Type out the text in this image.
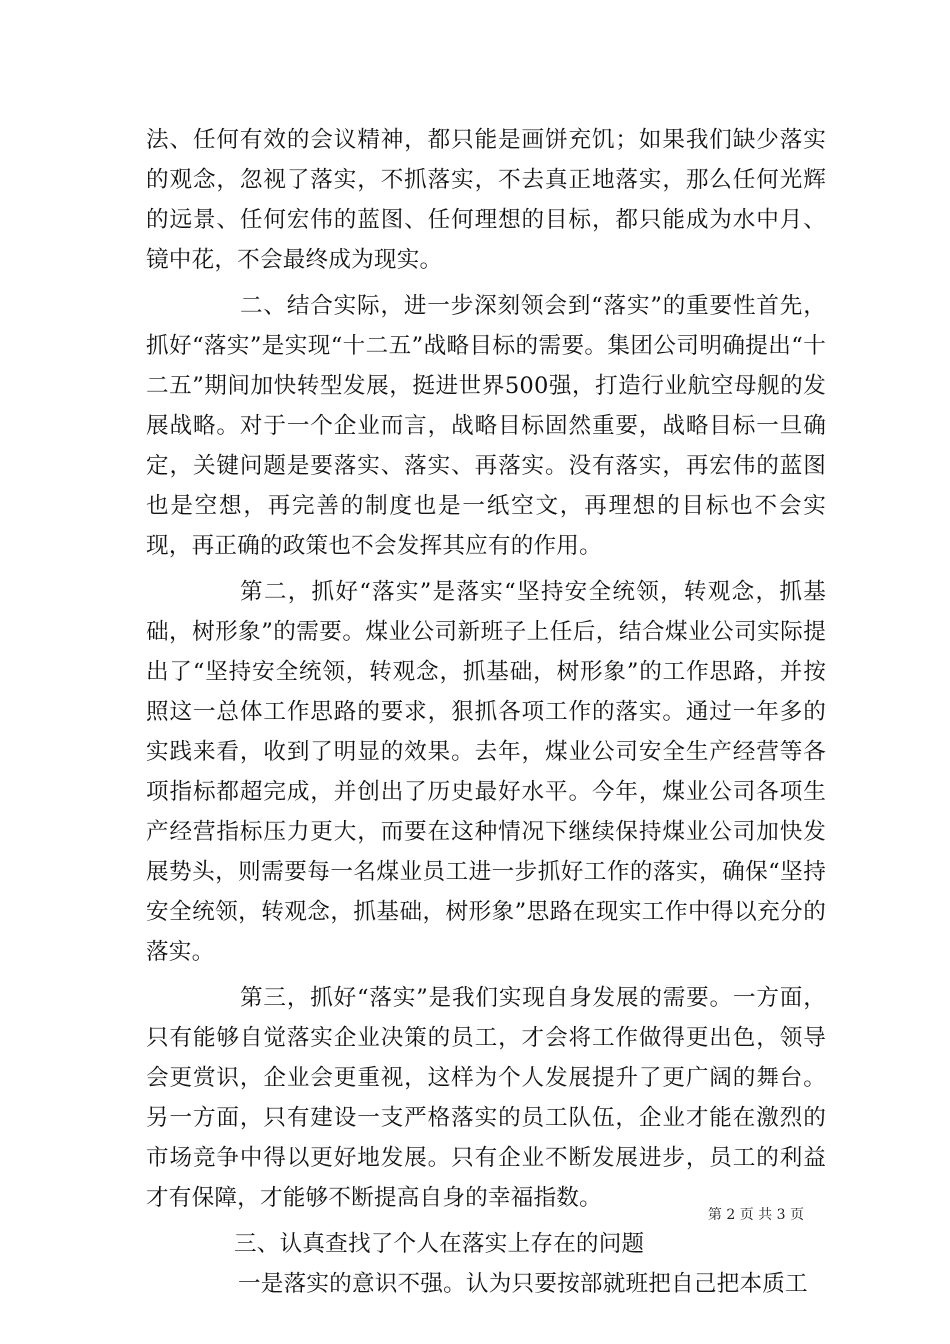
法、任何有效的会议精神，都只能是画饼充饥；如果我们缺少落实的观念，忽视了落实，不抓落实，不去真正地落实，那么任何光辉的远景、任何宏伟的蓝图、任何理想的目标，都只能成为水中月、镜中花，不会最终成为现实。

二、结合实际，进一步深刻领会到“落实”的重要性首先，抓好“落实”是实现“十二五”战略目标的需要。集团公司明确提出“十二五”期间加快转型发展，挺进世界500强，打造行业航空母舰的发展战略。对于一个企业而言，战略目标固然重要，战略目标一旦确定，关键问题是要落实、落实、再落实。没有落实，再宏伟的蓝图也是空想，再完善的制度也是一纸空文，再理想的目标也不会实现，再正确的政策也不会发挥其应有的作用。

第二，抓好“落实”是落实“坚持安全统领，转观念，抓基础，树形象”的需要。煤业公司新班子上任后，结合煤业公司实际提出了“坚持安全统领，转观念，抓基础，树形象”的工作思路，并按照这一总体工作思路的要求，狠抓各项工作的落实。通过一年多的实践来看，收到了明显的效果。去年，煤业公司安全生产经营等各项指标都超完成，并创出了历史最好水平。今年，煤业公司各项生产经营指标压力更大，而要在这种情况下继续保持煤业公司加快发展势头，则需要每一名煤业员工进一步抓好工作的落实，确保“坚持安全统领，转观念，抓基础，树形象”思路在现实工作中得以充分的落实。

第三，抓好“落实”是我们实现自身发展的需要。一方面，只有能够自觉落实企业决策的员工，才会将工作做得更出色，领导会更赏识，企业会更重视，这样为个人发展提升了更广阔的舞台。另一方面，只有建设一支严格落实的员工队伍，企业才能在激烈的市场竞争中得以更好地发展。只有企业不断发展进步，员工的利益才有保障，才能够不断提高自身的幸福指数。

三、认真查找了个人在落实上存在的问题

一是落实的意识不强。认为只要按部就班把自己把本质工

第 2 页 共 3 页
